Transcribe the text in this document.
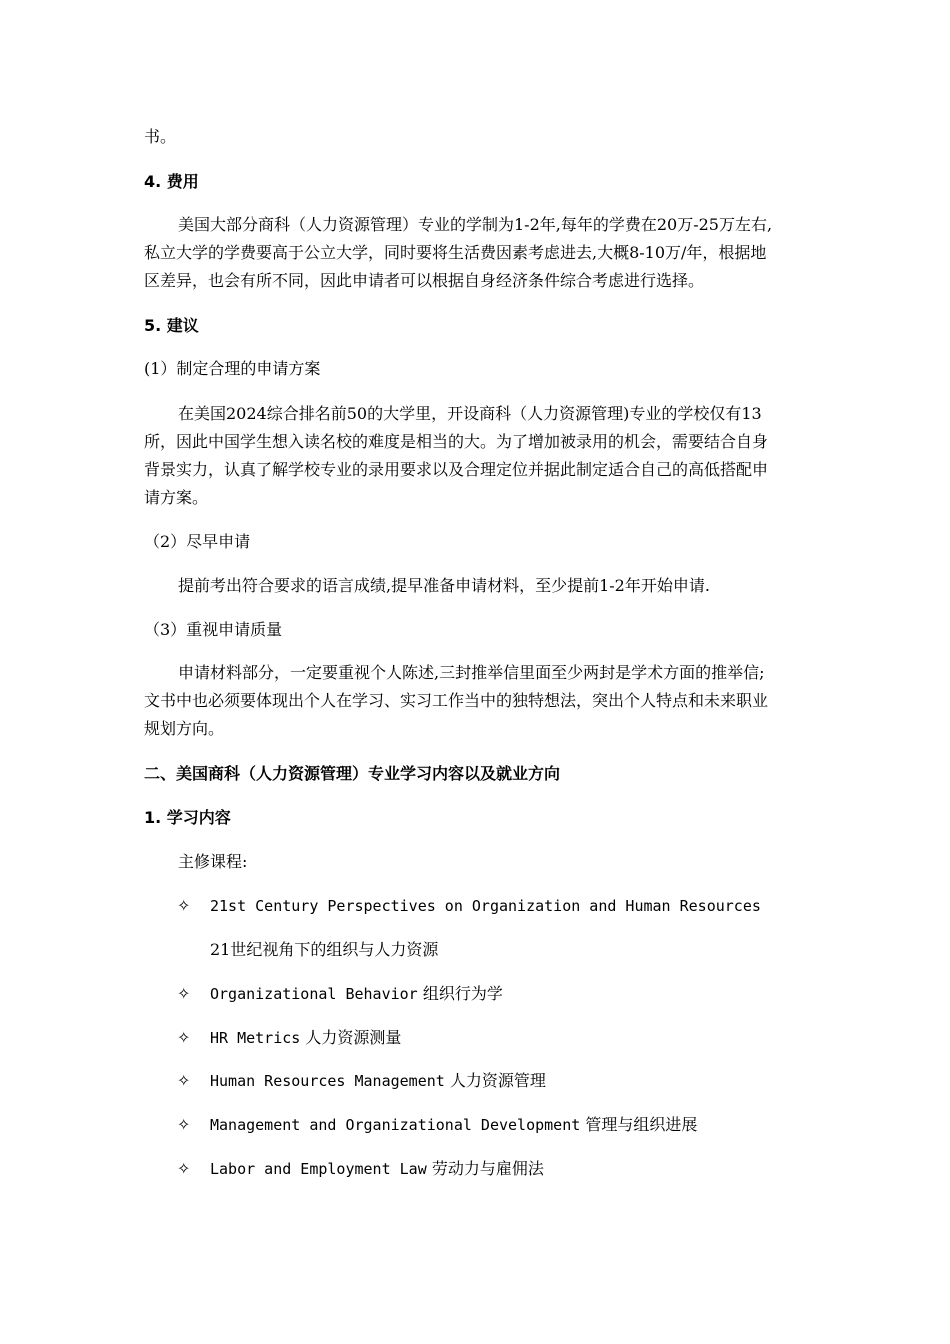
书。
4. 费用
美国大部分商科（人力资源管理）专业的学制为1-2年,每年的学费在20万-25万左右,
私立大学的学费要高于公立大学，同时要将生活费因素考虑进去,大概8-10万/年，根据地
区差异，也会有所不同，因此申请者可以根据自身经济条件综合考虑进行选择。
5. 建议
(1）制定合理的申请方案
在美国2024综合排名前50的大学里，开设商科（人力资源管理)专业的学校仅有13
所，因此中国学生想入读名校的难度是相当的大。为了增加被录用的机会，需要结合自身
背景实力，认真了解学校专业的录用要求以及合理定位并据此制定适合自己的高低搭配申
请方案。
（2）尽早申请
提前考出符合要求的语言成绩,提早准备申请材料，至少提前1-2年开始申请.
（3）重视申请质量
申请材料部分，一定要重视个人陈述,三封推举信里面至少两封是学术方面的推举信;
文书中也必须要体现出个人在学习、实习工作当中的独特想法，突出个人特点和未来职业
规划方向。
二、美国商科（人力资源管理）专业学习内容以及就业方向
1. 学习内容
主修课程:
✧ 21st Century Perspectives on Organization and Human Resources
21世纪视角下的组织与人力资源
✧ Organizational Behavior 组织行为学
✧ HR Metrics 人力资源测量
✧ Human Resources Management 人力资源管理
✧ Management and Organizational Development 管理与组织进展
✧ Labor and Employment Law 劳动力与雇佣法
